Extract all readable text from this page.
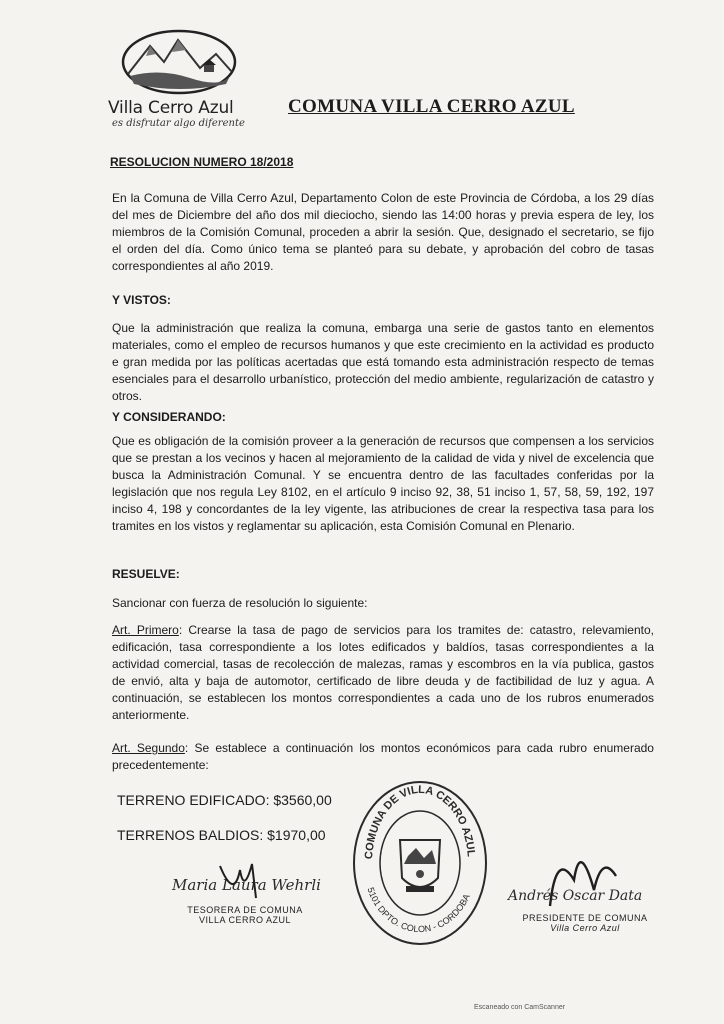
Villa Cerro Azul
es disfrutar algo diferente
COMUNA VILLA CERRO AZUL
RESOLUCION NUMERO 18/2018
En la Comuna de Villa Cerro Azul, Departamento Colon de este Provincia de Córdoba, a los 29 días del mes de Diciembre del año dos mil dieciocho, siendo las 14:00 horas y previa espera de ley, los miembros de la Comisión Comunal, proceden a abrir la sesión. Que, designado el secretario, se fijo el orden del día. Como único tema se planteó para su debate, y aprobación del cobro de tasas correspondientes al año 2019.
Y VISTOS:
Que la administración que realiza la comuna, embarga una serie de gastos tanto en elementos materiales, como el empleo de recursos humanos y que este crecimiento en la actividad es producto e gran medida por las políticas acertadas que está tomando esta administración respecto de temas esenciales para el desarrollo urbanístico, protección del medio ambiente, regularización de catastro y otros.
Y CONSIDERANDO:
Que es obligación de la comisión proveer a la generación de recursos que compensen a los servicios que se prestan a los vecinos y hacen al mejoramiento de la calidad de vida y nivel de excelencia que busca la Administración Comunal. Y se encuentra dentro de las facultades conferidas por la legislación que nos regula Ley 8102, en el artículo 9 inciso 92, 38, 51 inciso 1, 57, 58, 59, 192, 197 inciso 4, 198 y concordantes de la ley vigente, las atribuciones de crear la respectiva tasa para los tramites en los vistos y reglamentar su aplicación, esta Comisión Comunal en Plenario.
RESUELVE:
Sancionar con fuerza de resolución lo siguiente:
Art. Primero: Crearse la tasa de pago de servicios para los tramites de: catastro, relevamiento, edificación, tasa correspondiente a los lotes edificados y baldíos, tasas correspondientes a la actividad comercial, tasas de recolección de malezas, ramas y escombros en la vía publica, gastos de envió, alta y baja de automotor, certificado de libre deuda y de factibilidad de luz y agua. A continuación, se establecen los montos correspondientes a cada uno de los rubros enumerados anteriormente.
Art. Segundo: Se establece a continuación los montos económicos para cada rubro enumerado precedentemente:
TERRENO EDIFICADO: $3560,00
TERRENOS BALDIOS: $1970,00
COMUNA DE VILLA CERRO AZUL
5101 DPTO. COLON - CORDOBA
Maria Laura Wehrli
TESORERA DE COMUNA
VILLA CERRO AZUL
Andrés Oscar Data
PRESIDENTE DE COMUNA
Villa Cerro Azul
Escaneado con CamScanner
